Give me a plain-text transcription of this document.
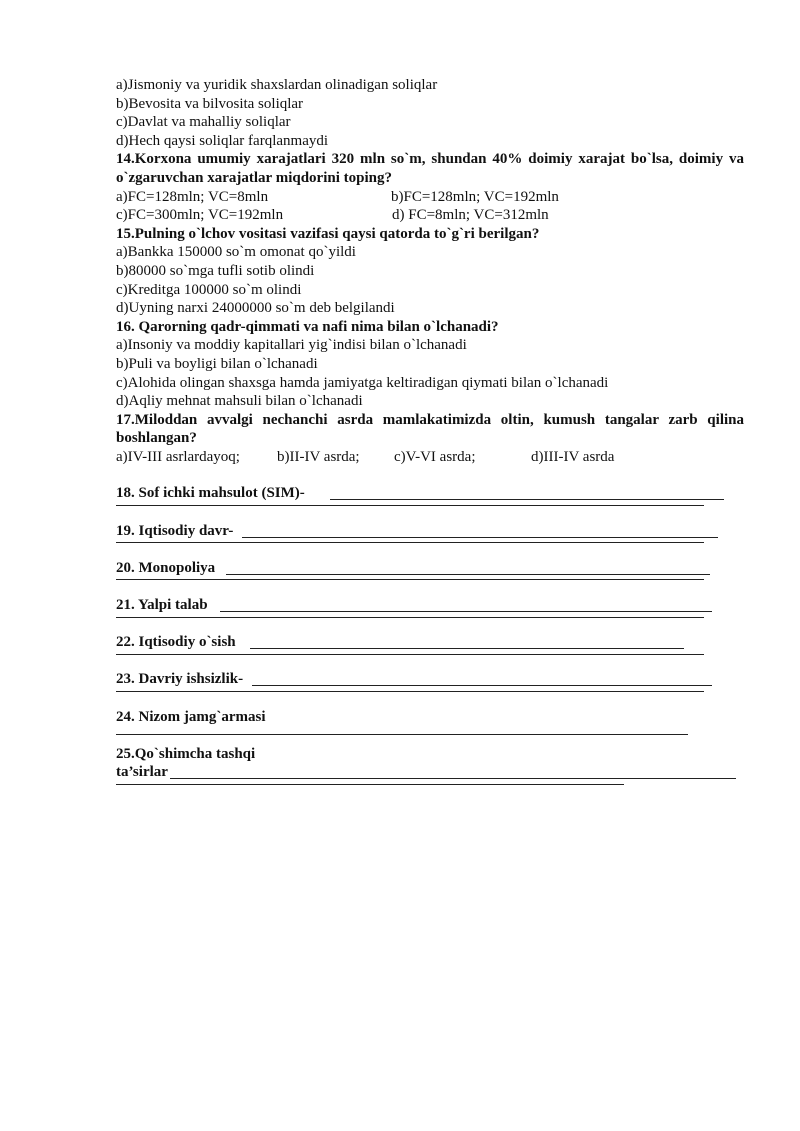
a)Jismoniy va yuridik shaxslardan olinadigan soliqlar
b)Bevosita va bilvosita soliqlar
c)Davlat va mahalliy soliqlar
d)Hech qaysi soliqlar farqlanmaydi
14.Korxona umumiy xarajatlari 320 mln so`m, shundan 40% doimiy xarajat bo`lsa, doimiy va o`zgaruvchan xarajatlar miqdorini toping?
a)FC=128mln; VC=8mln	b)FC=128mln; VC=192mln
c)FC=300mln; VC=192mln	d) FC=8mln; VC=312mln
15.Pulning o`lchov vositasi vazifasi qaysi qatorda to`g`ri berilgan?
a)Bankka 150000 so`m omonat qo`yildi
b)80000 so`mga tufli sotib olindi
c)Kreditga 100000 so`m olindi
d)Uyning narxi 24000000 so`m deb belgilandi
16. Qarorning qadr-qimmati va nafi nima bilan o`lchanadi?
a)Insoniy va moddiy kapitallari yig`indisi bilan o`lchanadi
b)Puli va boyligi bilan o`lchanadi
c)Alohida olingan shaxsga hamda jamiyatga keltiradigan qiymati bilan o`lchanadi
d)Aqliy mehnat mahsuli bilan o`lchanadi
17.Miloddan avvalgi nechanchi asrda mamlakatimizda oltin, kumush tangalar zarb qilina boshlangan?
a)IV-III asrlardayoq; b)II-IV asrda; c)V-VI asrda;	d)III-IV asrda
18. Sof ichki mahsulot (SIM)-
19. Iqtisodiy davr-
20. Monopoliya
21. Yalpi talab
22. Iqtisodiy o`sish
23. Davriy ishsizlik-
24. Nizom jamg`armasi
25.Qo`shimcha tashqi
ta’sirlar
